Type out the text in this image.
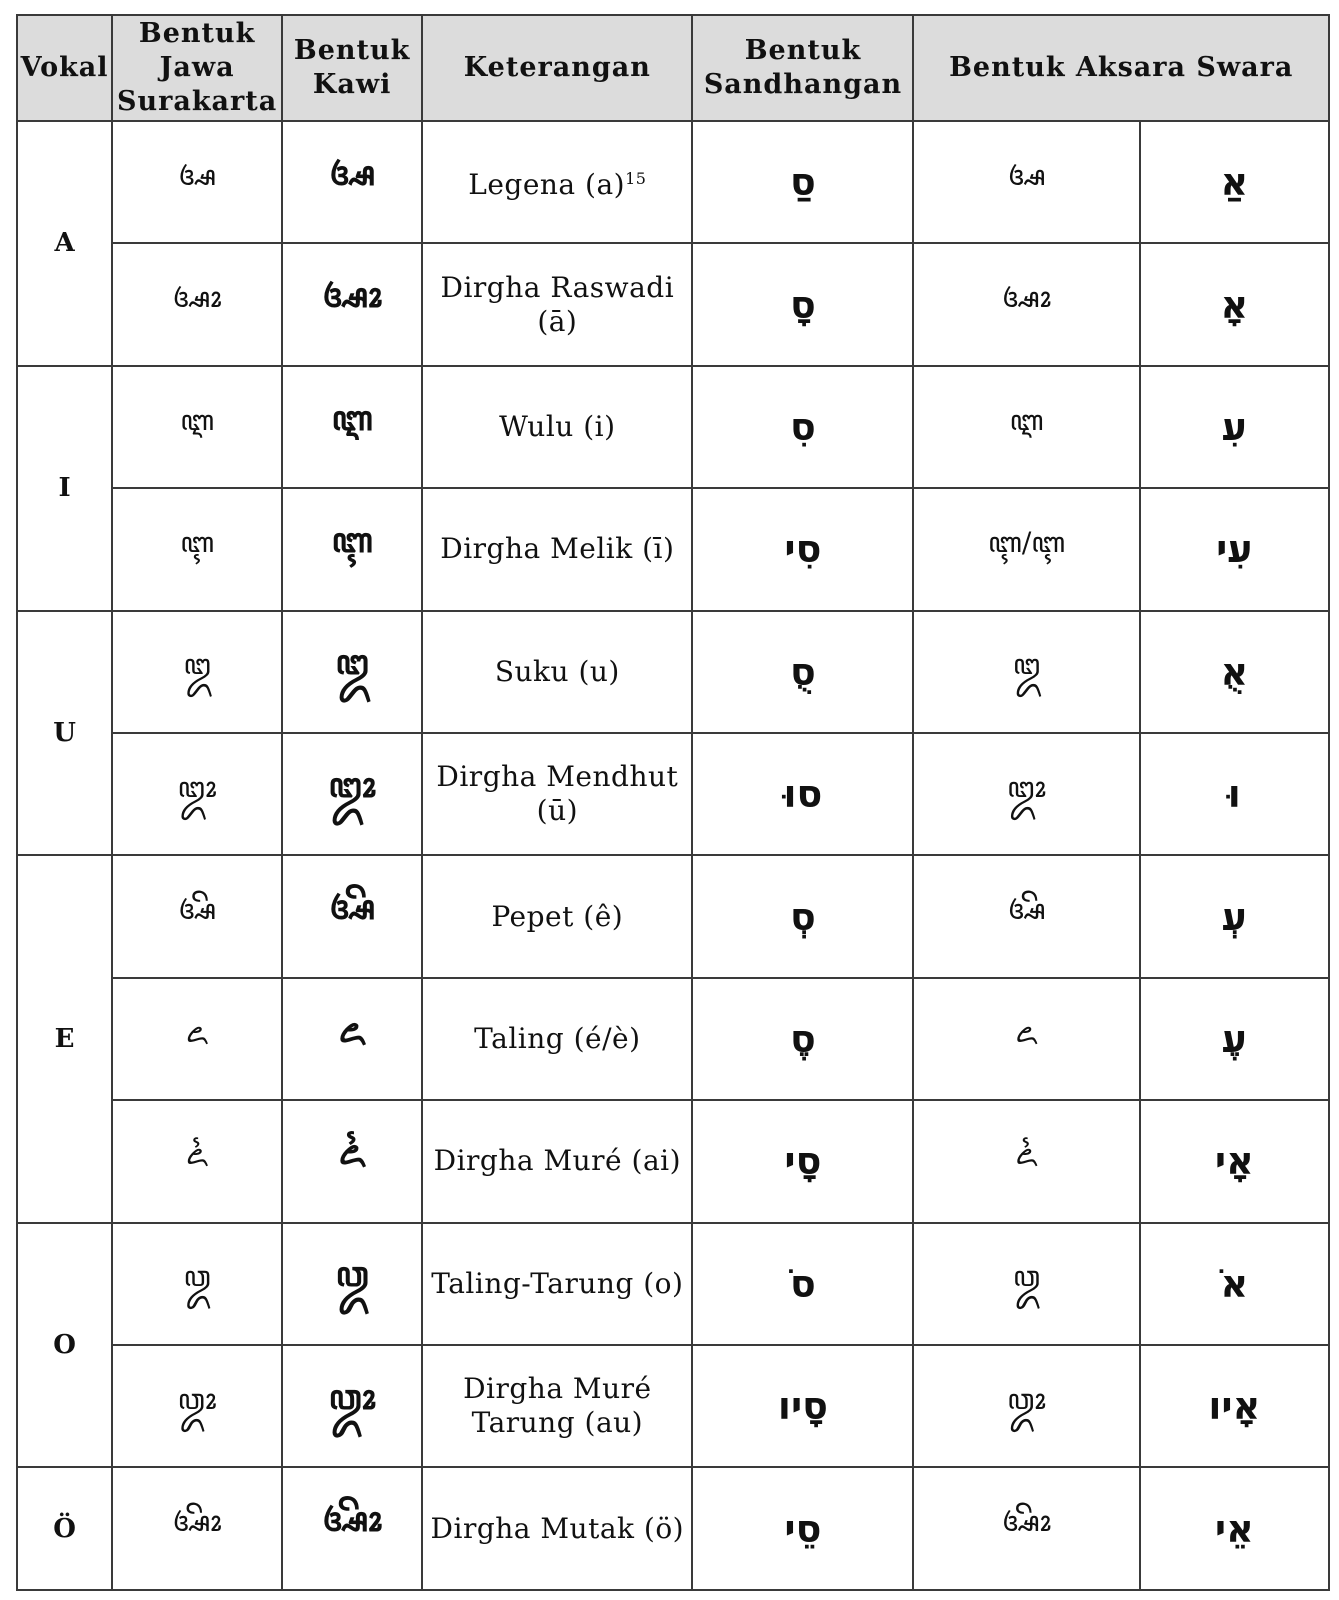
Vokal	Bentuk Jawa Surakarta	Bentuk Kawi	Keterangan	Bentuk Sandhangan	Bentuk Aksara Swara	
A	ꦄ	ꦄ	Legena $(a)^{15}$	סַ	ꦄ	אַ
	ꦄꦴ	ꦄꦴ	Dirgha Raswadi (ā)	סָ	ꦄꦴ	אָ
I	ꦆ	ꦆ	Wulu (i)	סִ	ꦆ	עִ
	ꦇ	ꦇ	Dirgha Melik (ī)	סִי	ꦇ/ꦇ	עִי
U	ꦈ	ꦈ	Suku (u)	סֻ	ꦈ	אֻ
	ꦈꦴ	ꦈꦴ	Dirgha Mendhut (ū)	סוּ	ꦈꦴ	וּ
E	ꦄꦼ	ꦄꦼ	Pepet (ê)	סְ	ꦄꦼ	עְ
	ꦌ	ꦌ	Taling (é/è)	סֶ	ꦌ	עֶ
	ꦍ	ꦍ	Dirgha Muré (ai)	סָי	ꦍ	אָי
O	ꦎ	ꦎ	Taling-Tarung (o)	סֹ	ꦎ	אֹ
	ꦎꦴ	ꦎꦴ	Dirgha Muré Tarung (au)	סָיו	ꦎꦴ	אָיו
Ö	ꦄꦼꦴ	ꦄꦼꦴ	Dirgha Mutak (ö)	סֵי	ꦄꦼꦴ	אֵי
